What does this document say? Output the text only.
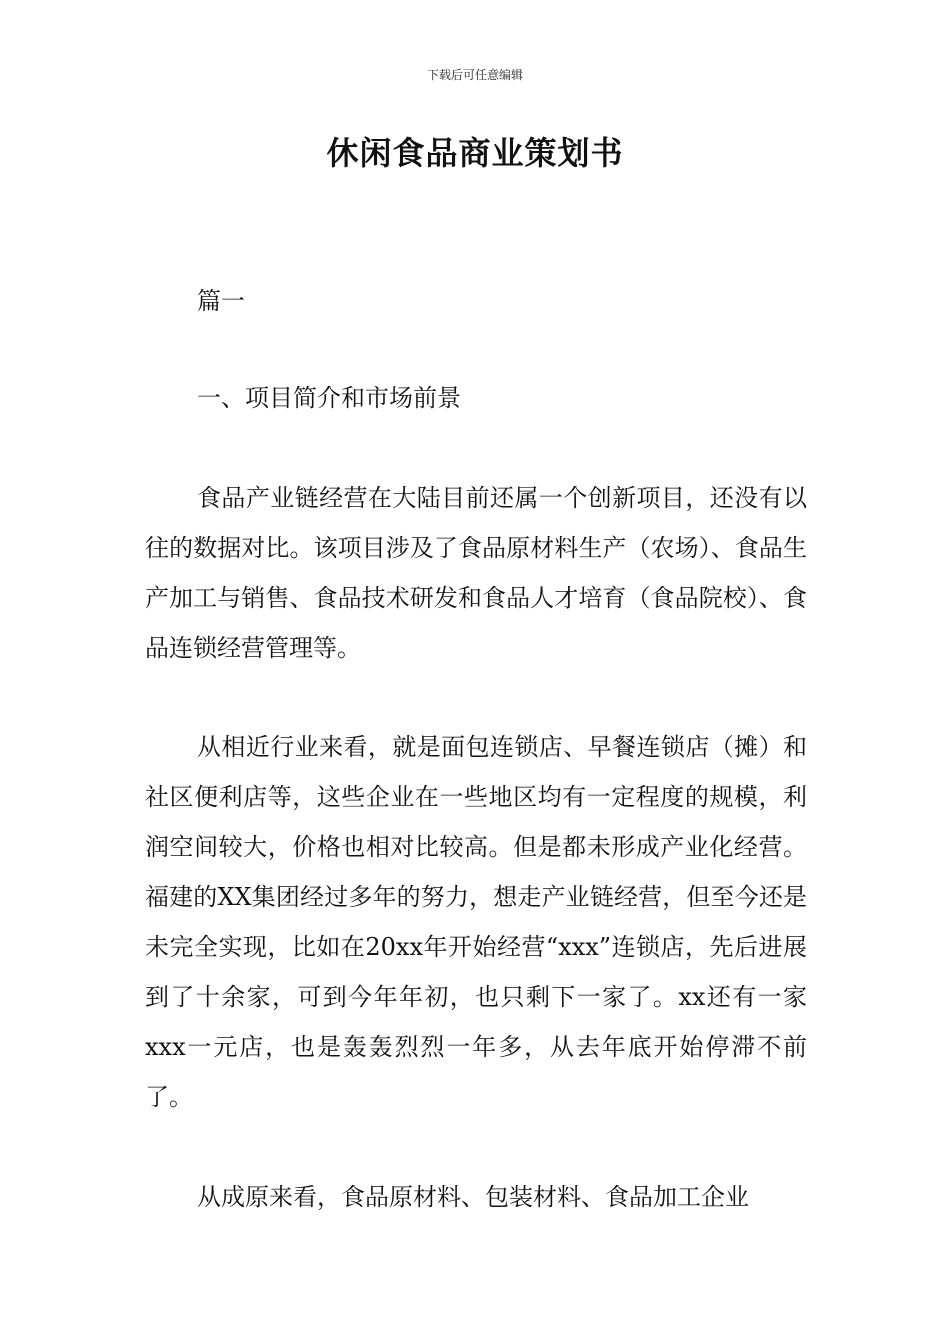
下载后可任意编辑
休闲食品商业策划书
篇一
一、项目简介和市场前景

食品产业链经营在大陆目前还属一个创新项目，还没有以往的数据对比。该项目涉及了食品原材料生产（农场）、食品生产加工与销售、食品技术研发和食品人才培育（食品院校）、食品连锁经营管理等。

从相近行业来看，就是面包连锁店、早餐连锁店（摊）和社区便利店等，这些企业在一些地区均有一定程度的规模，利润空间较大，价格也相对比较高。但是都未形成产业化经营。福建的XX集团经过多年的努力，想走产业链经营，但至今还是未完全实现，比如在20xx年开始经营“xxx”连锁店，先后进展到了十余家，可到今年年初，也只剩下一家了。xx还有一家xxx一元店，也是轰轰烈烈一年多，从去年底开始停滞不前了。

从成原来看，食品原材料、包装材料、食品加工企业
